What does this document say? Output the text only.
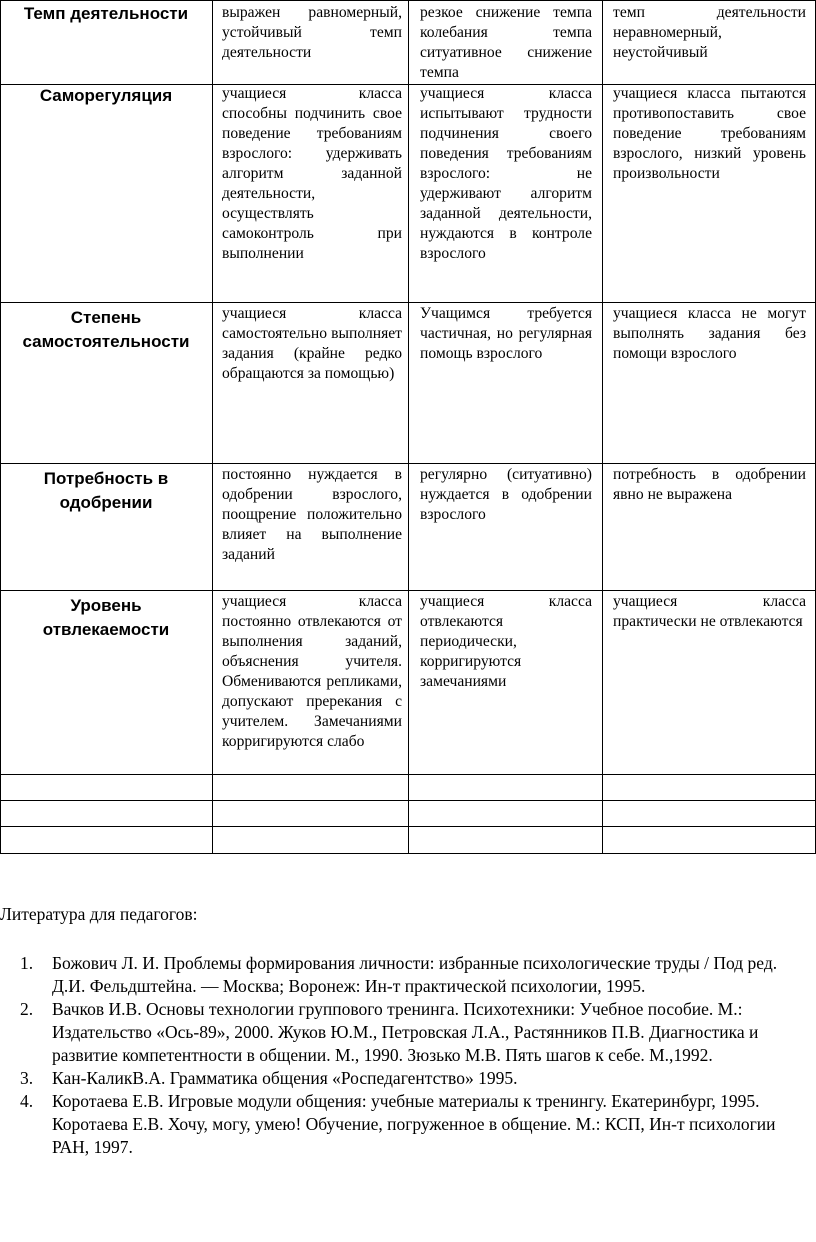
Темп деятельности	выражен равномерный, устойчивый темп деятельности
резкое снижение темпа колебания темпа ситуативное снижение темпа
темп деятельности неравномерный, неустойчивый
Саморегуляция	учащиеся класса способны подчинить свое поведение требованиям взрослого: удерживать алгоритм заданной деятельности, осуществлять самоконтроль при выполнении
учащиеся класса испытывают трудности подчинения своего поведения требованиям взрослого: не удерживают алгоритм заданной деятельности, нуждаются в контроле взрослого
учащиеся класса пытаются противопоставить свое поведение требованиям взрослого, низкий уровень произвольности
Степень самостоятельности
учащиеся класса самостоятельно выполняет задания (крайне редко обращаются за помощью)
Учащимся требуется частичная, но регулярная помощь взрослого
учащиеся класса не могут выполнять задания без помощи взрослого
Потребность в одобрении
постоянно нуждается в одобрении взрослого, поощрение положительно влияет на выполнение заданий
регулярно (ситуативно) нуждается в одобрении взрослого
потребность в одобрении явно не выражена
Уровень отвлекаемости
учащиеся класса постоянно отвлекаются от выполнения заданий, объяснения учителя. Обмениваются репликами, допускают пререкания с учителем. Замечаниями корригируются слабо
учащиеся класса отвлекаются периодически, корригируются замечаниями
учащиеся класса практически не отвлекаются
Литература для педагогов:
1. Божович Л. И. Проблемы формирования личности: избранные психологические труды / Под ред. Д.И. Фельдштейна. — Москва; Воронеж: Ин-т практической психологии, 1995.
2. Вачков И.В. Основы технологии группового тренинга. Психотехники: Учебное пособие. М.: Издательство «Ось-89», 2000. Жуков Ю.М., Петровская Л.А., Растянников П.В. Диагностика и развитие компетентности в общении. М., 1990. Зюзько М.В. Пять шагов к себе. М.,1992.
3. Кан-КаликВ.А. Грамматика общения «Роспедагентство» 1995.
4. Коротаева Е.В. Игровые модули общения: учебные материалы к тренингу. Екатеринбург, 1995.
Коротаева Е.В. Хочу, могу, умею! Обучение, погруженное в общение. М.: КСП, Ин-т психологии РАН, 1997.
